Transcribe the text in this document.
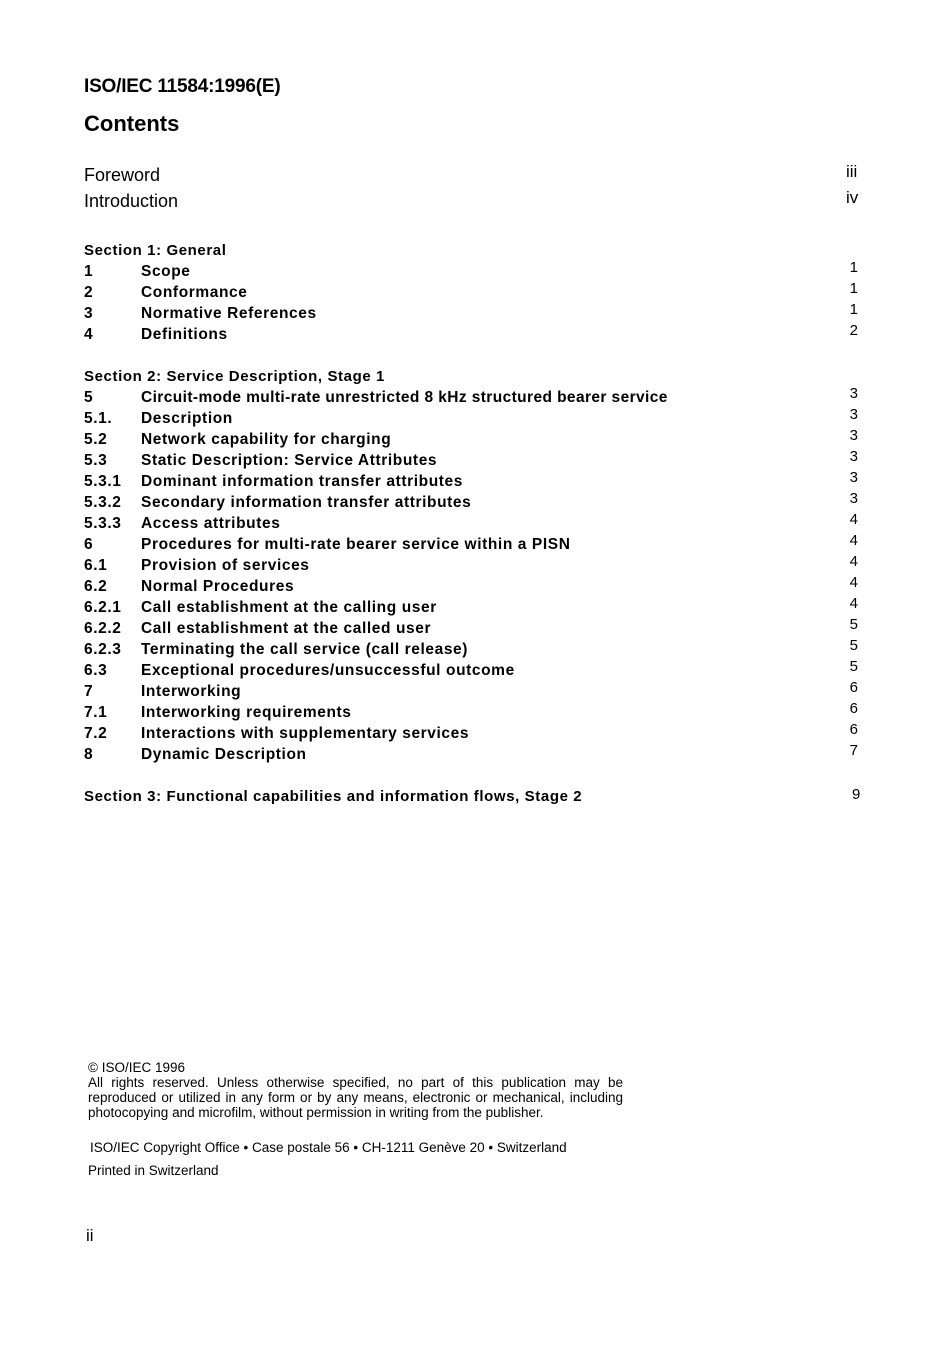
ISO/IEC 11584:1996(E)
Contents
Foreword	iii
Introduction	iv
Section 1: General
1	Scope	1
2	Conformance	1
3	Normative References	1
4	Definitions	2
Section 2: Service Description, Stage 1
5	Circuit-mode multi-rate unrestricted 8 kHz structured bearer service	3
5.1. Description	3
5.2 Network capability for charging	3
5.3 Static Description: Service Attributes	3
5.3.1 Dominant information transfer attributes	3
5.3.2 Secondary information transfer attributes	3
5.3.3 Access attributes	4
6	Procedures for multi-rate bearer service within a PISN	4
6.1 Provision of services	4
6.2 Normal Procedures	4
6.2.1 Call establishment at the calling user	4
6.2.2 Call establishment at the called user	5
6.2.3 Terminating the call service (call release)	5
6.3 Exceptional procedures/unsuccessful outcome	5
7	Interworking	6
7.1 Interworking requirements	6
7.2 Interactions with supplementary services	6
8	Dynamic Description	7
Section 3: Functional capabilities and information flows, Stage 2	9

© ISO/IEC 1996

All rights reserved. Unless otherwise specified, no part of this publication may be reproduced or utilized in any form or by any means, electronic or mechanical, including photocopying and microfilm, without permission in writing from the publisher.

ISO/IEC Copyright Office • Case postale 56 • CH-1211 Genève 20 • Switzerland
Printed in Switzerland
ii
